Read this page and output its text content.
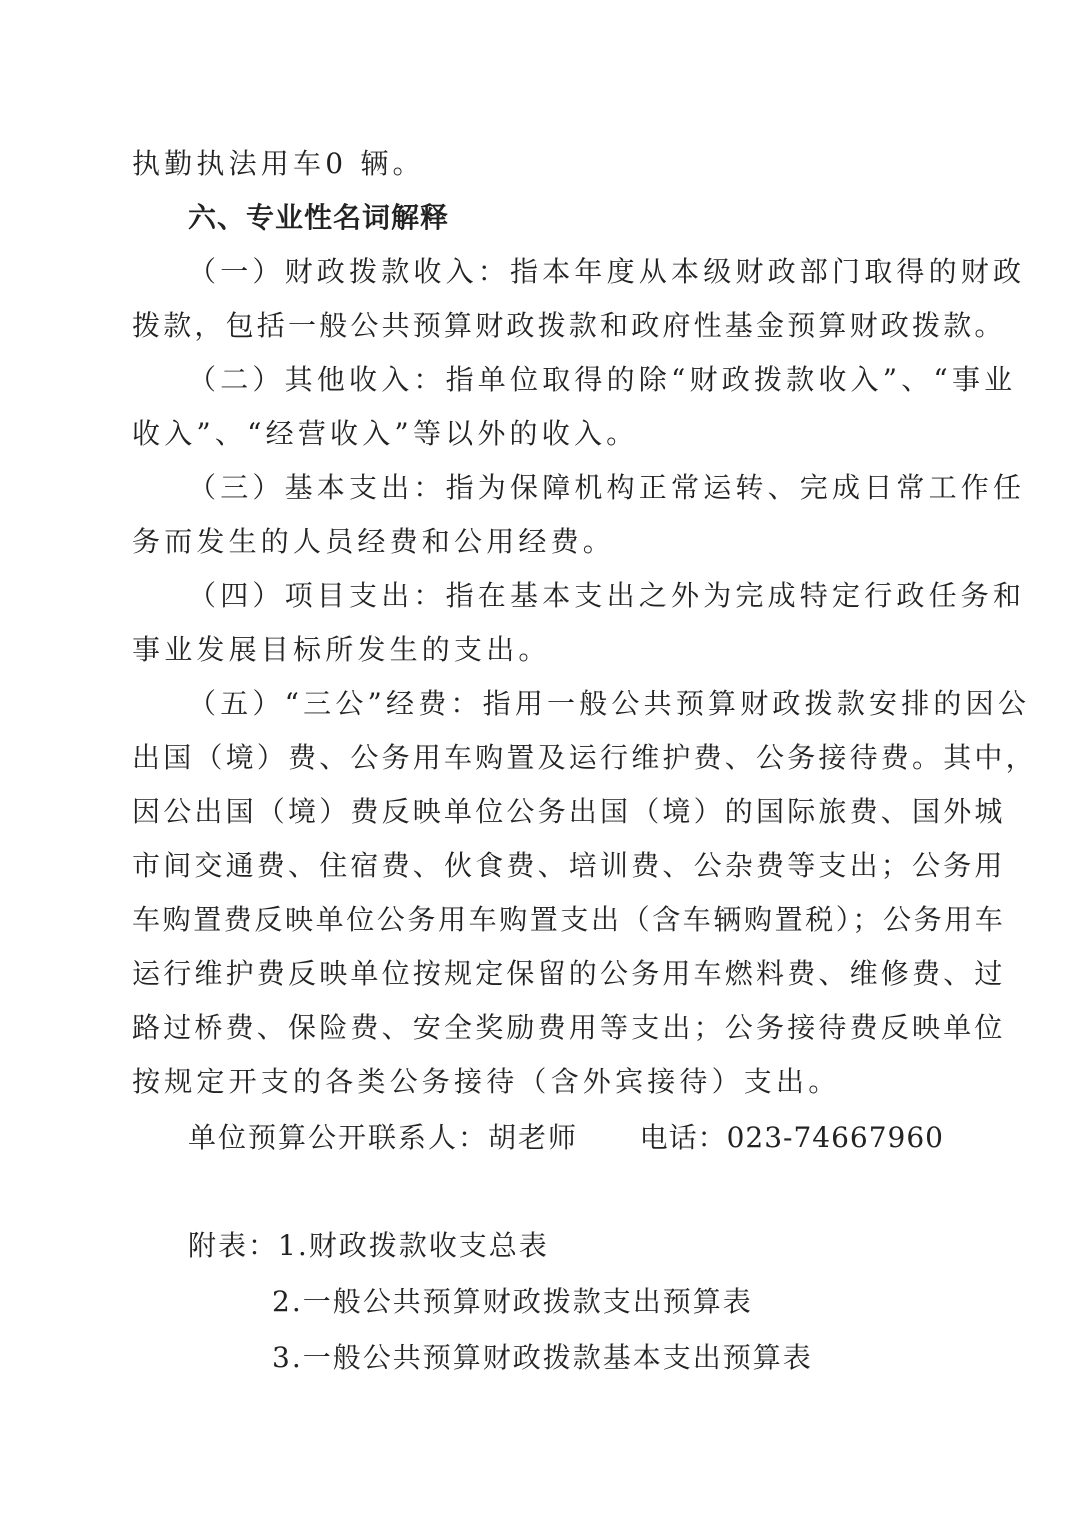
执勤执法用车0 辆。
六、专业性名词解释
（一）财政拨款收入：指本年度从本级财政部门取得的财政
拨款，包括一般公共预算财政拨款和政府性基金预算财政拨款。
（二）其他收入：指单位取得的除“财政拨款收入”、“事业
收入”、“经营收入”等以外的收入。
（三）基本支出：指为保障机构正常运转、完成日常工作任
务而发生的人员经费和公用经费。
（四）项目支出：指在基本支出之外为完成特定行政任务和
事业发展目标所发生的支出。
（五）“三公”经费：指用一般公共预算财政拨款安排的因公
出国（境）费、公务用车购置及运行维护费、公务接待费。其中，
因公出国（境）费反映单位公务出国（境）的国际旅费、国外城
市间交通费、住宿费、伙食费、培训费、公杂费等支出；公务用
车购置费反映单位公务用车购置支出（含车辆购置税）；公务用车
运行维护费反映单位按规定保留的公务用车燃料费、维修费、过
路过桥费、保险费、安全奖励费用等支出；公务接待费反映单位
按规定开支的各类公务接待（含外宾接待）支出。
单位预算公开联系人：胡老师 电话：023-74667960
附表：1.财政拨款收支总表
2.一般公共预算财政拨款支出预算表
3.一般公共预算财政拨款基本支出预算表
